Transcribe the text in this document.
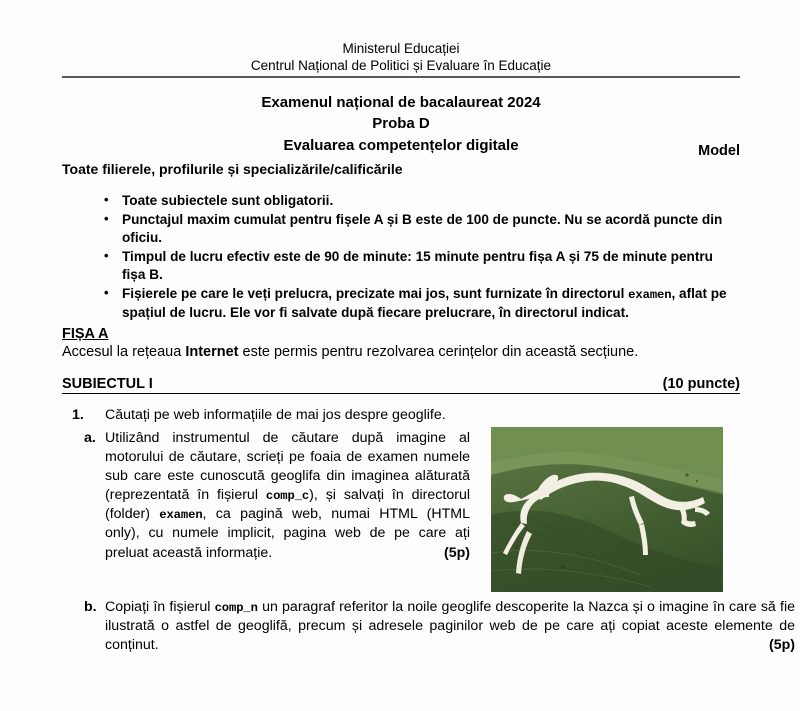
Ministerul Educației
Centrul Național de Politici și Evaluare în Educație
Examenul național de bacalaureat 2024
Proba D
Evaluarea competențelor digitale	Model
Toate filierele, profilurile și specializările/calificările
• Toate subiectele sunt obligatorii.
• Punctajul maxim cumulat pentru fișele A și B este de 100 de puncte. Nu se acordă puncte din oficiu.
• Timpul de lucru efectiv este de 90 de minute: 15 minute pentru fișa A și 75 de minute pentru fișa B.
• Fișierele pe care le veți prelucra, precizate mai jos, sunt furnizate în directorul examen, aflat pe spațiul de lucru. Ele vor fi salvate după fiecare prelucrare, în directorul indicat.
FIȘA A
Accesul la rețeaua Internet este permis pentru rezolvarea cerințelor din această secțiune.
SUBIECTUL I	(10 puncte)
1. Căutați pe web informațiile de mai jos despre geoglife.
a. Utilizând instrumentul de căutare după imagine al motorului de căutare, scrieți pe foaia de examen numele sub care este cunoscută geoglifa din imaginea alăturată (reprezentată în fișierul comp_c), și salvați în directorul (folder) examen, ca pagină web, numai HTML (HTML only), cu numele implicit, pagina web de pe care ați preluat această informație.	(5p)
b. Copiați în fișierul comp_n un paragraf referitor la noile geoglife descoperite la Nazca și o imagine în care să fie ilustrată o astfel de geoglifă, precum și adresele paginilor web de pe care ați copiat aceste elemente de conținut.	(5p)
